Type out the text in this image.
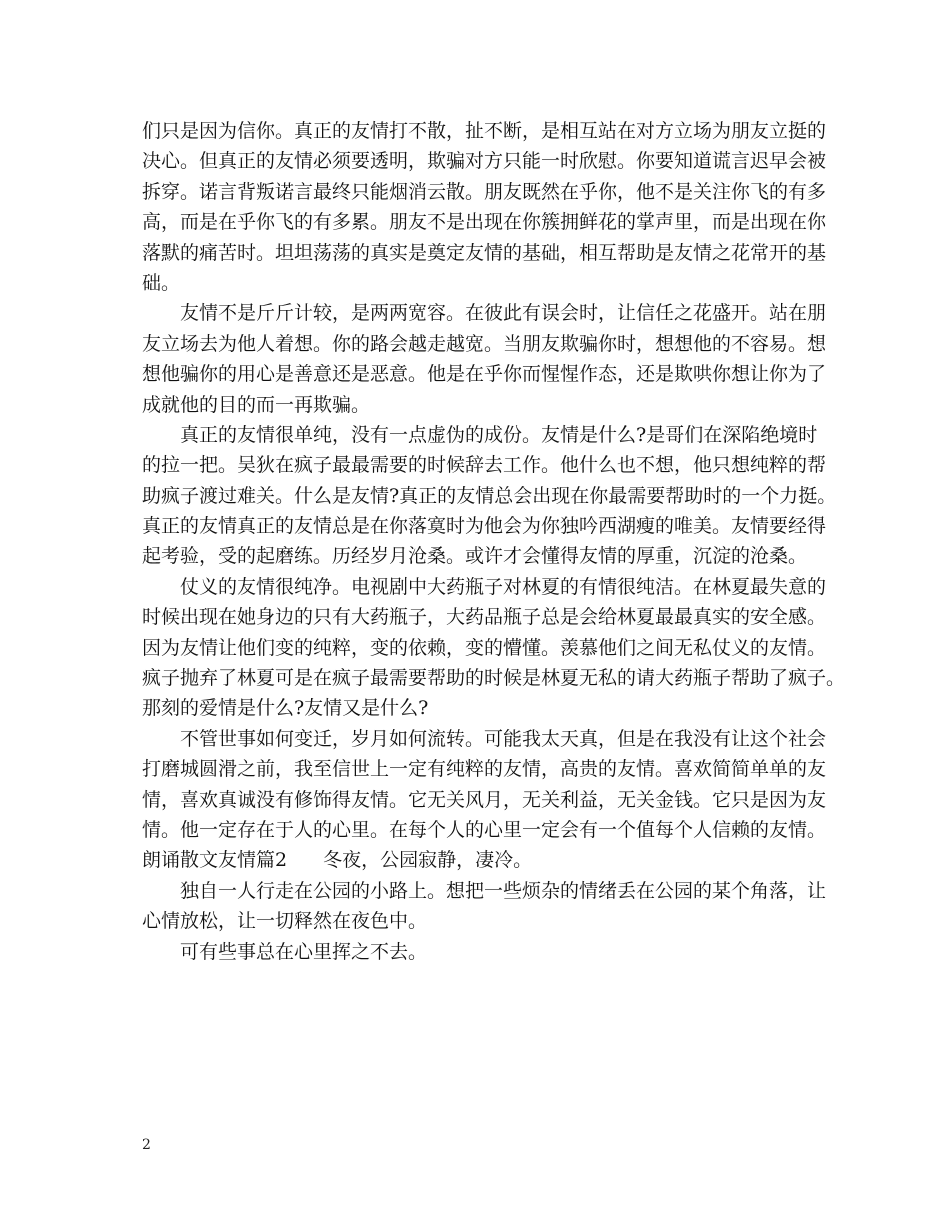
们只是因为信你。真正的友情打不散，扯不断，是相互站在对方立场为朋友立挺的
决心。但真正的友情必须要透明，欺骗对方只能一时欣慰。你要知道谎言迟早会被
拆穿。诺言背叛诺言最终只能烟消云散。朋友既然在乎你，他不是关注你飞的有多
高，而是在乎你飞的有多累。朋友不是出现在你簇拥鲜花的掌声里，而是出现在你
落默的痛苦时。坦坦荡荡的真实是奠定友情的基础，相互帮助是友情之花常开的基
础。
友情不是斤斤计较，是两两宽容。在彼此有误会时，让信任之花盛开。站在朋
友立场去为他人着想。你的路会越走越宽。当朋友欺骗你时，想想他的不容易。想
想他骗你的用心是善意还是恶意。他是在乎你而惺惺作态，还是欺哄你想让你为了
成就他的目的而一再欺骗。
真正的友情很单纯，没有一点虚伪的成份。友情是什么?是哥们在深陷绝境时
的拉一把。吴狄在疯子最最需要的时候辞去工作。他什么也不想，他只想纯粹的帮
助疯子渡过难关。什么是友情?真正的友情总会出现在你最需要帮助时的一个力挺。
真正的友情真正的友情总是在你落寞时为他会为你独吟西湖瘦的唯美。友情要经得
起考验，受的起磨练。历经岁月沧桑。或许才会懂得友情的厚重，沉淀的沧桑。
仗义的友情很纯净。电视剧中大药瓶子对林夏的有情很纯洁。在林夏最失意的
时候出现在她身边的只有大药瓶子，大药品瓶子总是会给林夏最最真实的安全感。
因为友情让他们变的纯粹，变的依赖，变的懵懂。羡慕他们之间无私仗义的友情。
疯子抛弃了林夏可是在疯子最需要帮助的时候是林夏无私的请大药瓶子帮助了疯子。
那刻的爱情是什么?友情又是什么?
不管世事如何变迁，岁月如何流转。可能我太天真，但是在我没有让这个社会
打磨城圆滑之前，我至信世上一定有纯粹的友情，高贵的友情。喜欢简简单单的友
情，喜欢真诚没有修饰得友情。它无关风月，无关利益，无关金钱。它只是因为友
情。他一定存在于人的心里。在每个人的心里一定会有一个值每个人信赖的友情。
朗诵散文友情篇2 冬夜，公园寂静，凄冷。
独自一人行走在公园的小路上。想把一些烦杂的情绪丢在公园的某个角落，让
心情放松，让一切释然在夜色中。
可有些事总在心里挥之不去。
2
